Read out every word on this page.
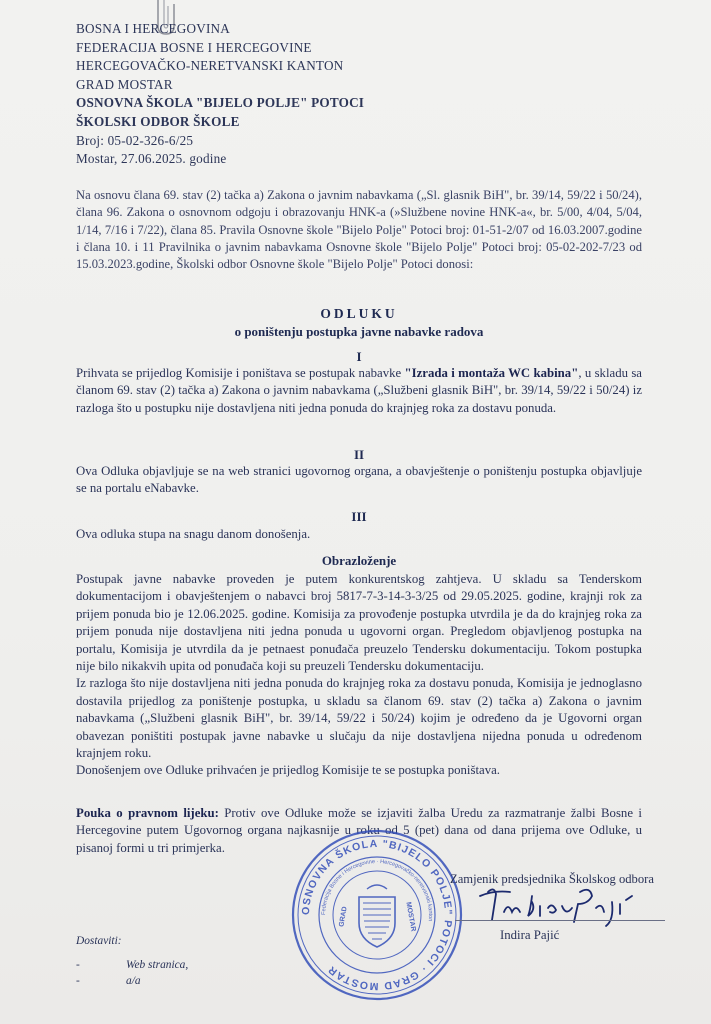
BOSNA I HERCEGOVINA
FEDERACIJA BOSNE I HERCEGOVINE
HERCEGOVAČKO-NERETVANSKI KANTON
GRAD MOSTAR
OSNOVNA ŠKOLA "BIJELO POLJE" POTOCI
ŠKOLSKI ODBOR ŠKOLE
Broj: 05-02-326-6/25
Mostar, 27.06.2025. godine
Na osnovu člana 69. stav (2) tačka a) Zakona o javnim nabavkama („Sl. glasnik BiH", br. 39/14, 59/22 i 50/24), člana 96. Zakona o osnovnom odgoju i obrazovanju HNK-a (»Službene novine HNK-a«, br. 5/00, 4/04, 5/04, 1/14, 7/16 i 7/22), člana 85. Pravila Osnovne škole "Bijelo Polje" Potoci broj: 01-51-2/07 od 16.03.2007.godine i člana 10. i 11 Pravilnika o javnim nabavkama Osnovne škole "Bijelo Polje" Potoci broj: 05-02-202-7/23 od 15.03.2023.godine, Školski odbor Osnovne škole "Bijelo Polje" Potoci donosi:
ODLUKU
o poništenju postupka javne nabavke radova
I
Prihvata se prijedlog Komisije i poništava se postupak nabavke "Izrada i montaža WC kabina", u skladu sa članom 69. stav (2) tačka a) Zakona o javnim nabavkama („Službeni glasnik BiH", br. 39/14, 59/22 i 50/24) iz razloga što u postupku nije dostavljena niti jedna ponuda do krajnjeg roka za dostavu ponuda.
II
Ova Odluka objavljuje se na web stranici ugovornog organa, a obavještenje o poništenju postupka objavljuje se na portalu eNabavke.
III
Ova odluka stupa na snagu danom donošenja.
Obrazloženje
Postupak javne nabavke proveden je putem konkurentskog zahtjeva. U skladu sa Tenderskom dokumentacijom i obavještenjem o nabavci broj 5817-7-3-14-3-3/25 od 29.05.2025. godine, krajnji rok za prijem ponuda bio je 12.06.2025. godine. Komisija za provođenje postupka utvrdila je da do krajnjeg roka za prijem ponuda nije dostavljena niti jedna ponuda u ugovorni organ. Pregledom objavljenog postupka na portalu, Komisija je utvrdila da je petnaest ponuđača preuzelo Tendersku dokumentaciju. Tokom postupka nije bilo nikakvih upita od ponuđača koji su preuzeli Tendersku dokumentaciju.
Iz razloga što nije dostavljena niti jedna ponuda do krajnjeg roka za dostavu ponuda, Komisija je jednoglasno dostavila prijedlog za poništenje postupka, u skladu sa članom 69. stav (2) tačka a) Zakona o javnim nabavkama („Službeni glasnik BiH", br. 39/14, 59/22 i 50/24) kojim je određeno da je Ugovorni organ obavezan poništiti postupak javne nabavke u slučaju da nije dostavljena nijedna ponuda u određenom krajnjem roku.
Donošenjem ove Odluke prihvaćen je prijedlog Komisije te se postupka poništava.
Pouka o pravnom lijeku: Protiv ove Odluke može se izjaviti žalba Uredu za razmatranje žalbi Bosne i Hercegovine putem Ugovornog organa najkasnije u roku od 5 (pet) dana od dana prijema ove Odluke, u pisanoj formi u tri primjerka.
OSNOVNA ŠKOLA "BIJELO POLJE" POTOCI · GRAD MOSTAR
Federacija Bosne i Hercegovine · Hercegovačko-neretvanski kanton
GRAD	MOSTAR
Zamjenik predsjednika Školskog odbora
Indira Pajić
Dostaviti:
-	Web stranica,
-	a/a
